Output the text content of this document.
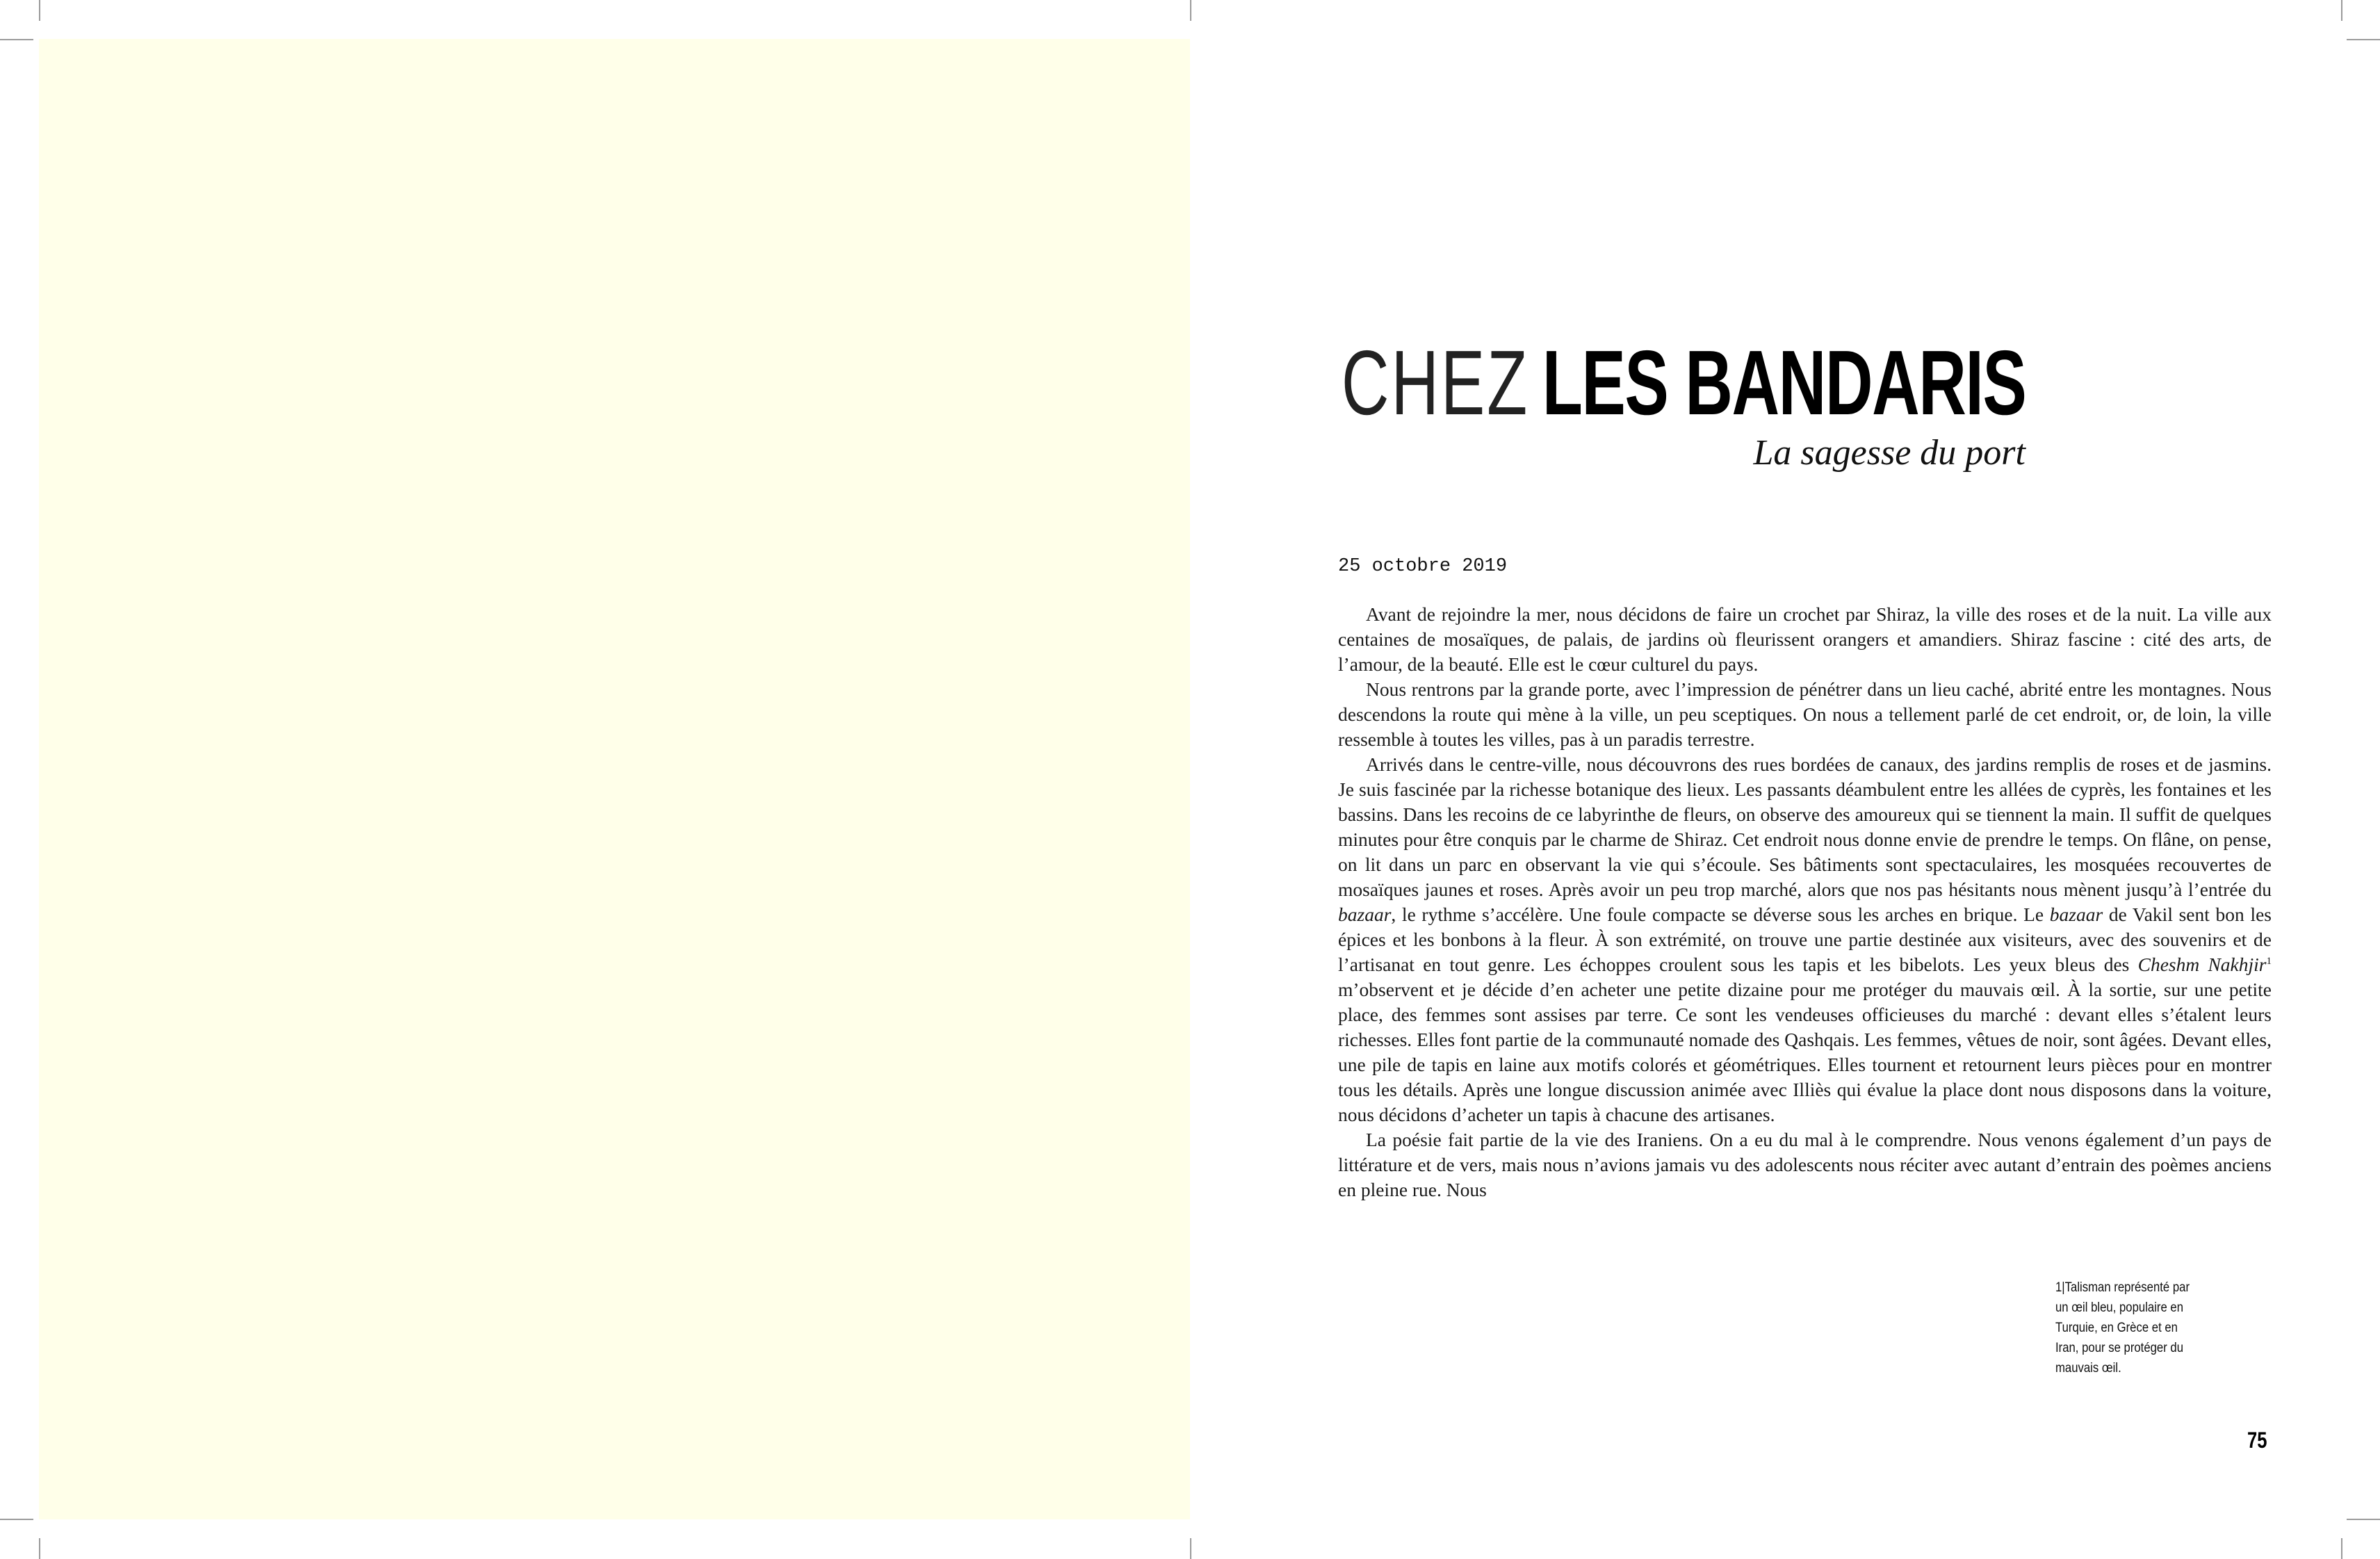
CHEZ LES BANDARIS
La sagesse du port
25 octobre 2019

Avant de rejoindre la mer, nous décidons de faire un crochet par Shiraz, la ville des roses et de la nuit. La ville aux centaines de mosaïques, de palais, de jardins où fleurissent orangers et amandiers. Shiraz fascine : cité des arts, de l’amour, de la beauté. Elle est le cœur culturel du pays.

Nous rentrons par la grande porte, avec l’impression de pénétrer dans un lieu caché, abrité entre les montagnes. Nous descendons la route qui mène à la ville, un peu sceptiques. On nous a tellement parlé de cet endroit, or, de loin, la ville ressemble à toutes les villes, pas à un paradis terrestre.

Arrivés dans le centre-ville, nous découvrons des rues bordées de canaux, des jardins remplis de roses et de jasmins. Je suis fascinée par la richesse botanique des lieux. Les passants déambulent entre les allées de cyprès, les fontaines et les bassins. Dans les recoins de ce labyrinthe de fleurs, on observe des amoureux qui se tiennent la main. Il suffit de quelques minutes pour être conquis par le charme de Shiraz. Cet endroit nous donne envie de prendre le temps. On flâne, on pense, on lit dans un parc en observant la vie qui s’écoule. Ses bâtiments sont spectaculaires, les mosquées recouvertes de mosaïques jaunes et roses. Après avoir un peu trop marché, alors que nos pas hésitants nous mènent jusqu’à l’entrée du bazaar, le rythme s’accélère. Une foule compacte se déverse sous les arches en brique. Le bazaar de Vakil sent bon les épices et les bonbons à la fleur. À son extrémité, on trouve une partie destinée aux visiteurs, avec des souvenirs et de l’artisanat en tout genre. Les échoppes croulent sous les tapis et les bibelots. Les yeux bleus des Cheshm Nakhjir$^1$ m’observent et je décide d’en acheter une petite dizaine pour me protéger du mauvais œil. À la sortie, sur une petite place, des femmes sont assises par terre. Ce sont les vendeuses officieuses du marché : devant elles s’étalent leurs richesses. Elles font partie de la communauté nomade des Qashqais. Les femmes, vêtues de noir, sont âgées. Devant elles, une pile de tapis en laine aux motifs colorés et géométriques. Elles tournent et retournent leurs pièces pour en montrer tous les détails. Après une longue discussion animée avec Illiès qui évalue la place dont nous disposons dans la voiture, nous décidons d’acheter un tapis à chacune des artisanes.

La poésie fait partie de la vie des Iraniens. On a eu du mal à le comprendre. Nous venons également d’un pays de littérature et de vers, mais nous n’avions jamais vu des adolescents nous réciter avec autant d’entrain des poèmes anciens en pleine rue. Nous

1|Talisman représenté par un œil bleu, populaire en Turquie, en Grèce et en Iran, pour se protéger du mauvais œil.
75
